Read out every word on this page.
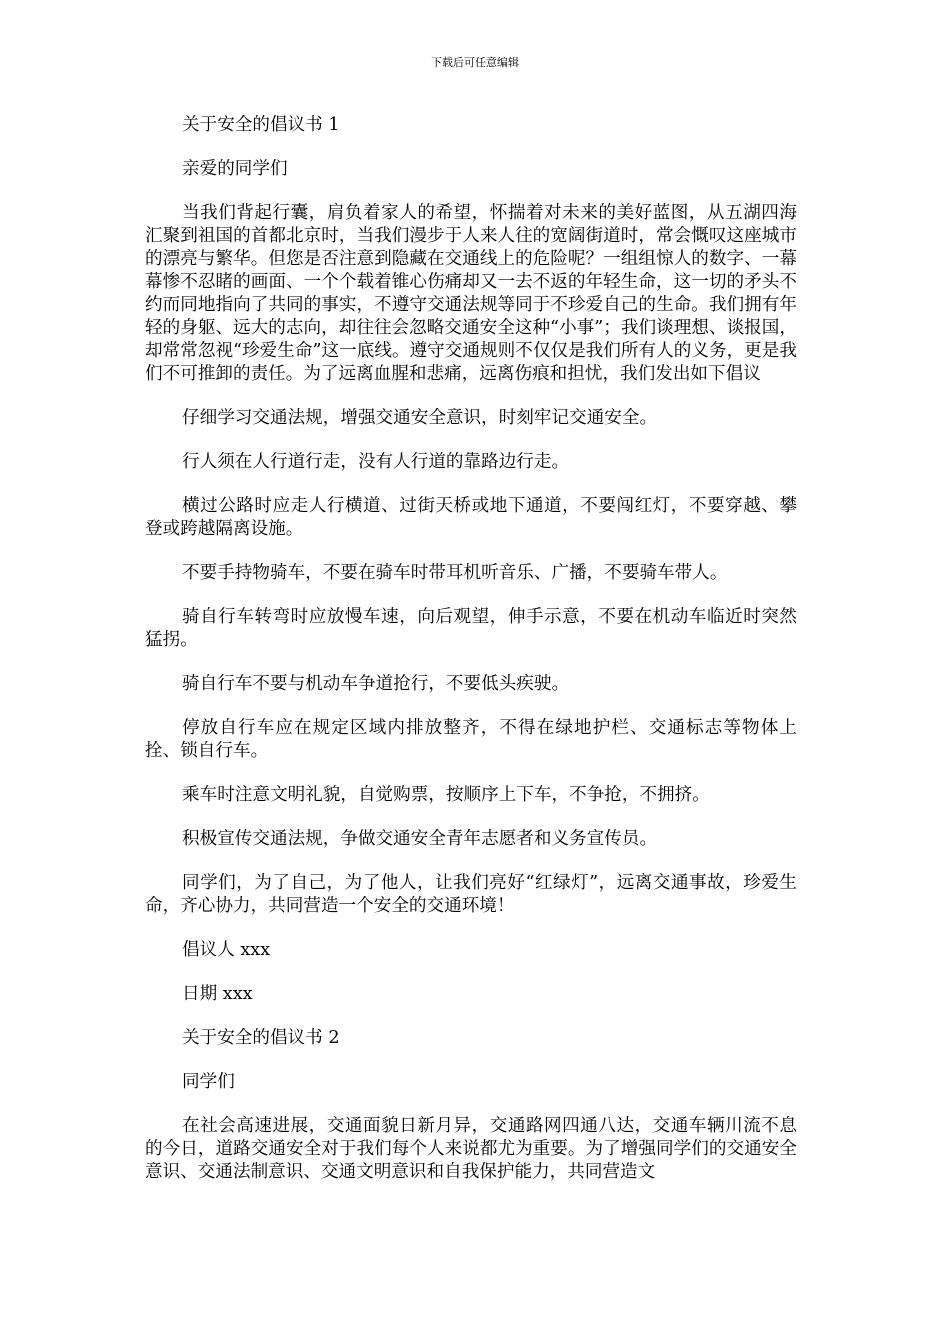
下载后可任意编辑

关于安全的倡议书 1

亲爱的同学们

当我们背起行囊，肩负着家人的希望，怀揣着对未来的美好蓝图，从五湖四海汇聚到祖国的首都北京时，当我们漫步于人来人往的宽阔街道时，常会慨叹这座城市的漂亮与繁华。但您是否注意到隐藏在交通线上的危险呢？一组组惊人的数字、一幕幕惨不忍睹的画面、一个个载着锥心伤痛却又一去不返的年轻生命，这一切的矛头不约而同地指向了共同的事实，不遵守交通法规等同于不珍爱自己的生命。我们拥有年轻的身躯、远大的志向，却往往会忽略交通安全这种“小事”；我们谈理想、谈报国，却常常忽视“珍爱生命”这一底线。遵守交通规则不仅仅是我们所有人的义务，更是我们不可推卸的责任。为了远离血腥和悲痛，远离伤痕和担忧，我们发出如下倡议

仔细学习交通法规，增强交通安全意识，时刻牢记交通安全。

行人须在人行道行走，没有人行道的靠路边行走。

横过公路时应走人行横道、过街天桥或地下通道，不要闯红灯，不要穿越、攀登或跨越隔离设施。

不要手持物骑车，不要在骑车时带耳机听音乐、广播，不要骑车带人。

骑自行车转弯时应放慢车速，向后观望，伸手示意，不要在机动车临近时突然猛拐。

骑自行车不要与机动车争道抢行，不要低头疾驶。

停放自行车应在规定区域内排放整齐，不得在绿地护栏、交通标志等物体上拴、锁自行车。

乘车时注意文明礼貌，自觉购票，按顺序上下车，不争抢，不拥挤。

积极宣传交通法规，争做交通安全青年志愿者和义务宣传员。

同学们，为了自己，为了他人，让我们亮好“红绿灯”，远离交通事故，珍爱生命，齐心协力，共同营造一个安全的交通环境！

倡议人 xxx

日期 xxx

关于安全的倡议书 2

同学们

在社会高速进展，交通面貌日新月异，交通路网四通八达，交通车辆川流不息的今日，道路交通安全对于我们每个人来说都尤为重要。为了增强同学们的交通安全意识、交通法制意识、交通文明意识和自我保护能力，共同营造文
